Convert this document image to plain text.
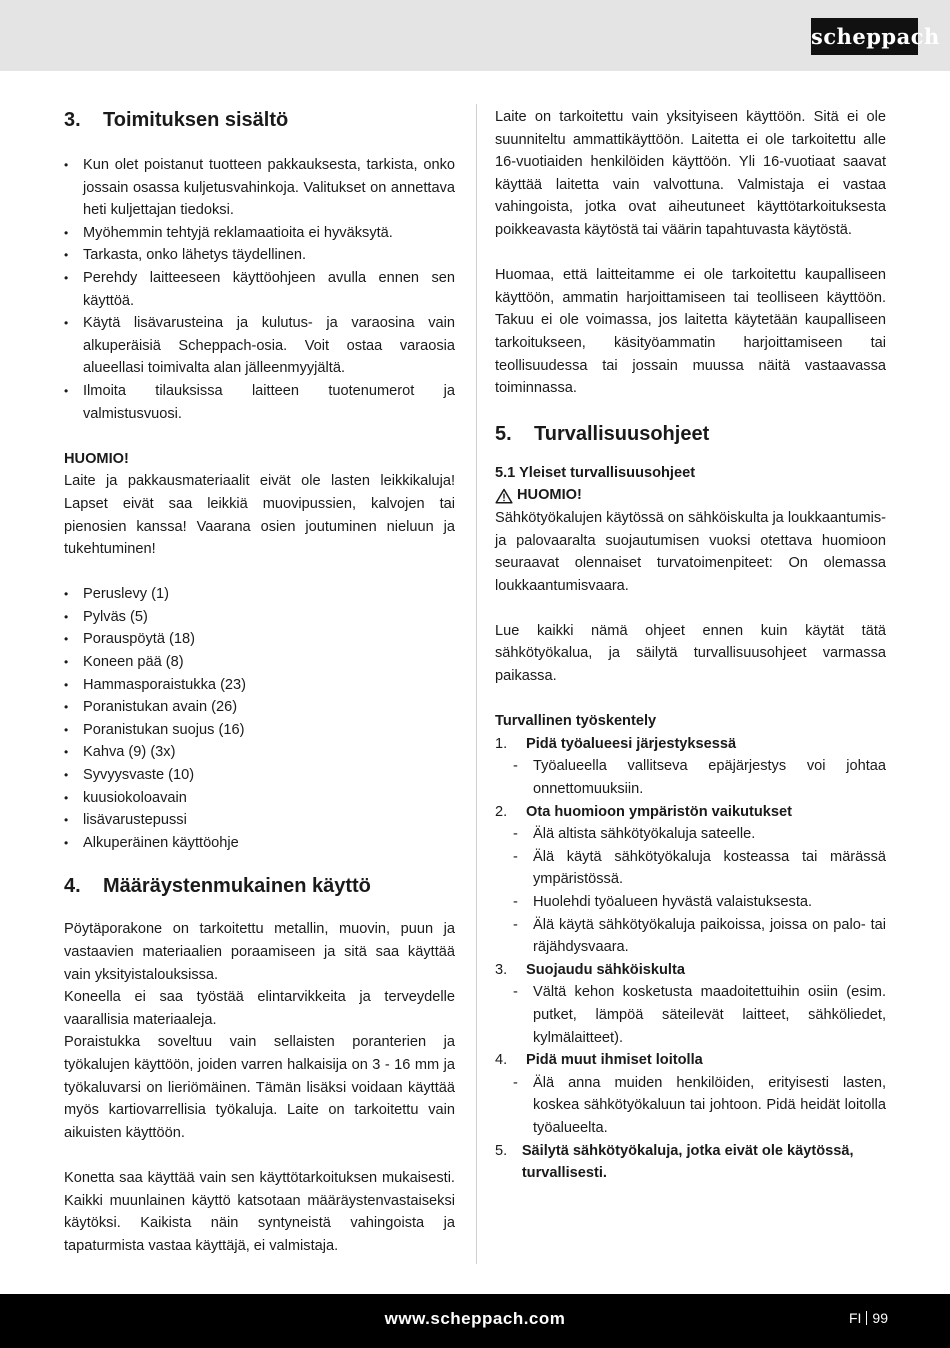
scheppach
3. Toimituksen sisältö
• Kun olet poistanut tuotteen pakkauksesta, tarkista, onko jossain osassa kuljetusvahinkoja. Valitukset on annettava heti kuljettajan tiedoksi.
• Myöhemmin tehtyjä reklamaatioita ei hyväksytä.
• Tarkasta, onko lähetys täydellinen.
• Perehdy laitteeseen käyttöohjeen avulla ennen sen käyttöä.
• Käytä lisävarusteina ja kulutus- ja varaosina vain alkuperäisiä Scheppach-osia. Voit ostaa varaosia alueellasi toimivalta alan jälleenmyyjältä.
• Ilmoita tilauksissa laitteen tuotenumerot ja valmistusvuosi.

HUOMIO!

Laite ja pakkausmateriaalit eivät ole lasten leikkikaluja! Lapset eivät saa leikkiä muovipussien, kalvojen tai pienosien kanssa! Vaarana osien joutuminen nieluun ja tukehtuminen!

• Peruslevy (1)
• Pylväs (5)
• Porauspöytä (18)
• Koneen pää (8)
• Hammasporaistukka (23)
• Poranistukan avain (26)
• Poranistukan suojus (16)
• Kahva (9) (3x)
• Syvyysvaste (10)
• kuusiokoloavain
• lisävarustepussi
• Alkuperäinen käyttöohje
4. Määräystenmukainen käyttö

Pöytäporakone on tarkoitettu metallin, muovin, puun ja vastaavien materiaalien poraamiseen ja sitä saa käyttää vain yksityistalouksissa.

Koneella ei saa työstää elintarvikkeita ja terveydelle vaarallisia materiaaleja.

Poraistukka soveltuu vain sellaisten poranterien ja työkalujen käyttöön, joiden varren halkaisija on 3 - 16 mm ja työkaluvarsi on lieriömäinen. Tämän lisäksi voidaan käyttää myös kartiovarrellisia työkaluja. Laite on tarkoitettu vain aikuisten käyttöön.

Konetta saa käyttää vain sen käyttötarkoituksen mukaisesti. Kaikki muunlainen käyttö katsotaan määräystenvastaiseksi käytöksi. Kaikista näin syntyneistä vahingoista ja tapaturmista vastaa käyttäjä, ei valmistaja.

Laite on tarkoitettu vain yksityiseen käyttöön. Sitä ei ole suunniteltu ammattikäyttöön. Laitetta ei ole tarkoitettu alle 16-vuotiaiden henkilöiden käyttöön. Yli 16-vuotiaat saavat käyttää laitetta vain valvottuna. Valmistaja ei vastaa vahingoista, jotka ovat aiheutuneet käyttötarkoituksesta poikkeavasta käytöstä tai väärin tapahtuvasta käytöstä.

Huomaa, että laitteitamme ei ole tarkoitettu kaupalliseen käyttöön, ammatin harjoittamiseen tai teolliseen käyttöön. Takuu ei ole voimassa, jos laitetta käytetään kaupalliseen tarkoitukseen, käsityöammatin harjoittamiseen tai teollisuudessa tai jossain muussa näitä vastaavassa toiminnassa.

5. Turvallisuusohjeet

5.1 Yleiset turvallisuusohjeet

HUOMIO!

Sähkötyökalujen käytössä on sähköiskulta ja loukkaantumis- ja palovaaralta suojautumisen vuoksi otettava huomioon seuraavat olennaiset turvatoimenpiteet: On olemassa loukkaantumisvaara.

Lue kaikki nämä ohjeet ennen kuin käytät tätä sähkötyökalua, ja säilytä turvallisuusohjeet varmassa paikassa.

Turvallinen työskentely

1.	Pidä työalueesi järjestyksessä
- Työalueella vallitseva epäjärjestys voi johtaa onnettomuuksiin.
2.	Ota huomioon ympäristön vaikutukset
- Älä altista sähkötyökaluja sateelle.
- Älä käytä sähkötyökaluja kosteassa tai märässä ympäristössä.
- Huolehdi työalueen hyvästä valaistuksesta.
- Älä käytä sähkötyökaluja paikoissa, joissa on palo- tai räjähdysvaara.
3.	Suojaudu sähköiskulta
- Vältä kehon kosketusta maadoitettuihin osiin (esim. putket, lämpöä säteilevät laitteet, sähköliedet, kylmälaitteet).
4.	Pidä muut ihmiset loitolla
- Älä anna muiden henkilöiden, erityisesti lasten, koskea sähkötyökaluun tai johtoon. Pidä heidät loitolla työalueelta.
5.	Säilytä sähkötyökaluja, jotka eivät ole käytössä, turvallisesti.
www.scheppach.com	FI 99
